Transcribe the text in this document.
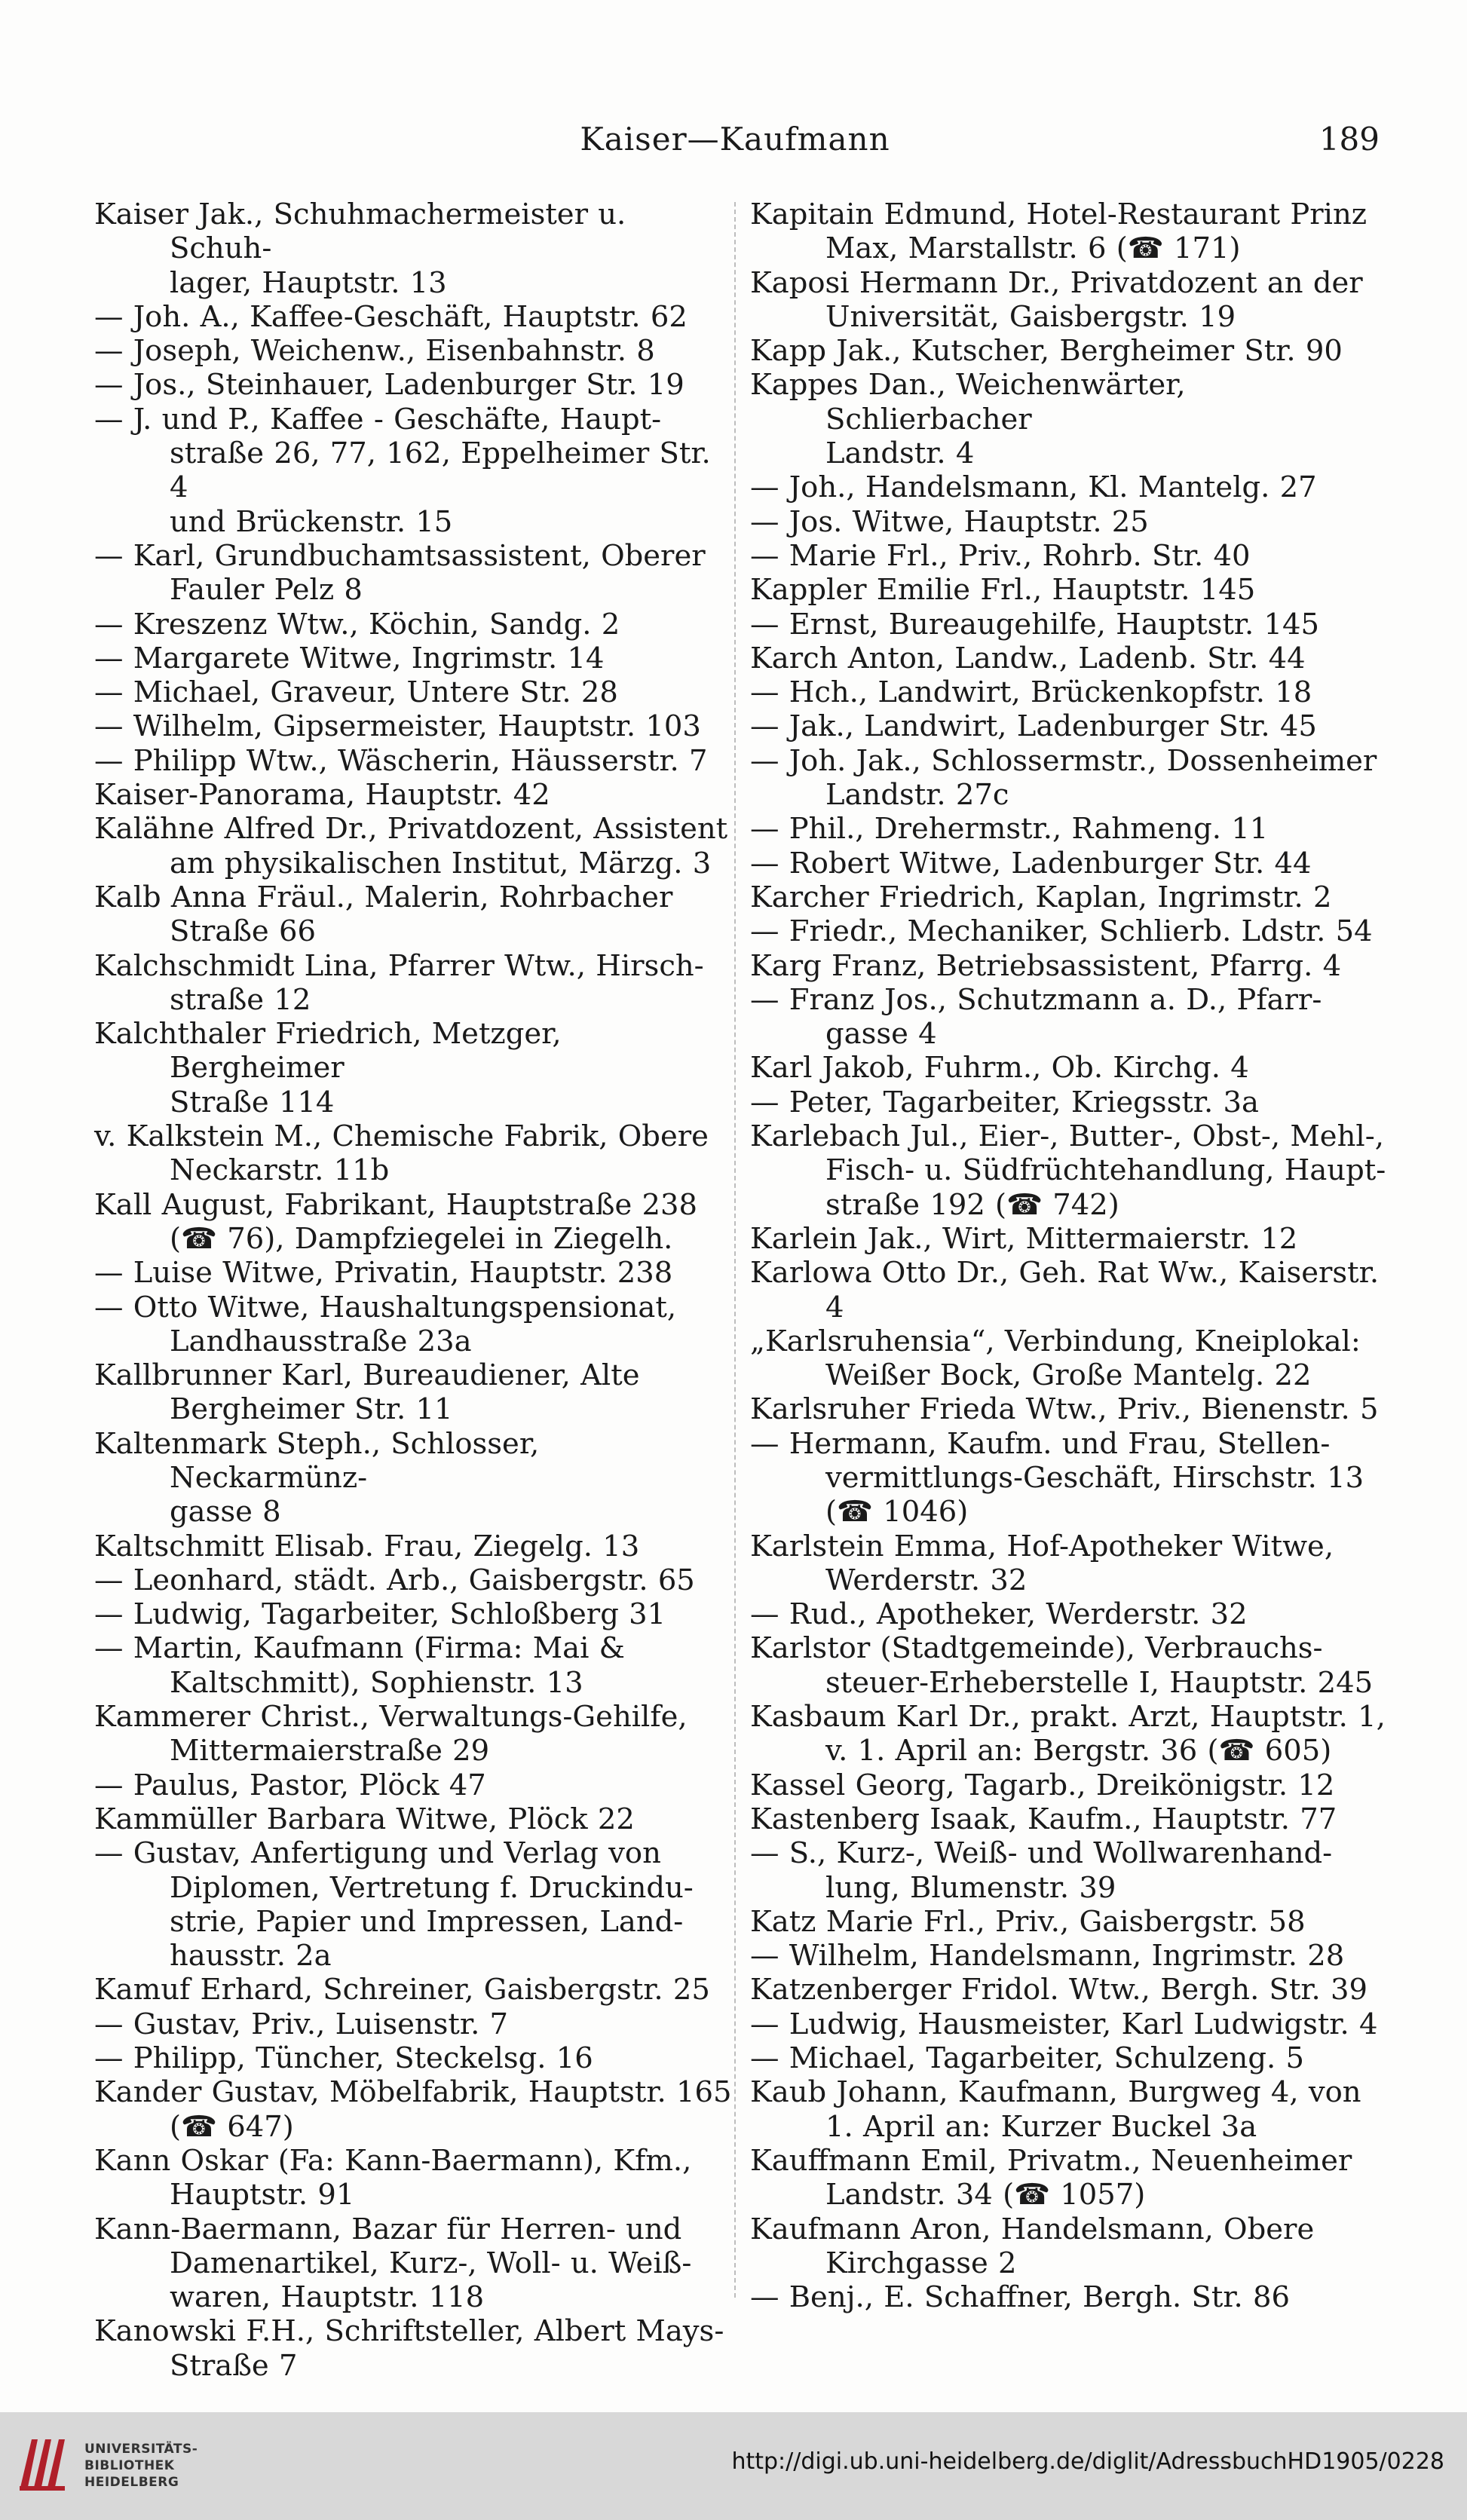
Kaiser—Kaufmann	189

Kaiser Jak., Schuhmachermeister u. Schuh-
lager, Hauptstr. 13

— Joh. A., Kaffee-Geschäft, Hauptstr. 62

— Joseph, Weichenw., Eisenbahnstr. 8

— Jos., Steinhauer, Ladenburger Str. 19

— J. und P., Kaffee - Geschäfte, Haupt-
straße 26, 77, 162, Eppelheimer Str. 4
und Brückenstr. 15

— Karl, Grundbuchamtsassistent, Oberer
Fauler Pelz 8

— Kreszenz Wtw., Köchin, Sandg. 2

— Margarete Witwe, Ingrimstr. 14

— Michael, Graveur, Untere Str. 28

— Wilhelm, Gipsermeister, Hauptstr. 103

— Philipp Wtw., Wäscherin, Häusserstr. 7

Kaiser-Panorama, Hauptstr. 42

Kalähne Alfred Dr., Privatdozent, Assistent
am physikalischen Institut, Märzg. 3

Kalb Anna Fräul., Malerin, Rohrbacher
Straße 66

Kalchschmidt Lina, Pfarrer Wtw., Hirsch-
straße 12

Kalchthaler Friedrich, Metzger, Bergheimer
Straße 114

v. Kalkstein M., Chemische Fabrik, Obere
Neckarstr. 11b

Kall August, Fabrikant, Hauptstraße 238
(☎ 76), Dampfziegelei in Ziegelh.

— Luise Witwe, Privatin, Hauptstr. 238

— Otto Witwe, Haushaltungspensionat,
Landhausstraße 23a

Kallbrunner Karl, Bureaudiener, Alte
Bergheimer Str. 11

Kaltenmark Steph., Schlosser, Neckarmünz-
gasse 8

Kaltschmitt Elisab. Frau, Ziegelg. 13

— Leonhard, städt. Arb., Gaisbergstr. 65

— Ludwig, Tagarbeiter, Schloßberg 31

— Martin, Kaufmann (Firma: Mai &
Kaltschmitt), Sophienstr. 13

Kammerer Christ., Verwaltungs-Gehilfe,
Mittermaierstraße 29

— Paulus, Pastor, Plöck 47

Kammüller Barbara Witwe, Plöck 22

— Gustav, Anfertigung und Verlag von
Diplomen, Vertretung f. Druckindu-
strie, Papier und Impressen, Land-
hausstr. 2a

Kamuf Erhard, Schreiner, Gaisbergstr. 25

— Gustav, Priv., Luisenstr. 7

— Philipp, Tüncher, Steckelsg. 16

Kander Gustav, Möbelfabrik, Hauptstr. 165
(☎ 647)

Kann Oskar (Fa: Kann-Baermann), Kfm.,
Hauptstr. 91

Kann-Baermann, Bazar für Herren- und
Damenartikel, Kurz-, Woll- u. Weiß-
waren, Hauptstr. 118

Kanowski F.H., Schriftsteller, Albert Mays-
Straße 7

Kapitain Edmund, Hotel-Restaurant Prinz
Max, Marstallstr. 6 (☎ 171)

Kaposi Hermann Dr., Privatdozent an der
Universität, Gaisbergstr. 19

Kapp Jak., Kutscher, Bergheimer Str. 90

Kappes Dan., Weichenwärter, Schlierbacher
Landstr. 4

— Joh., Handelsmann, Kl. Mantelg. 27

— Jos. Witwe, Hauptstr. 25

— Marie Frl., Priv., Rohrb. Str. 40

Kappler Emilie Frl., Hauptstr. 145

— Ernst, Bureaugehilfe, Hauptstr. 145

Karch Anton, Landw., Ladenb. Str. 44

— Hch., Landwirt, Brückenkopfstr. 18

— Jak., Landwirt, Ladenburger Str. 45

— Joh. Jak., Schlossermstr., Dossenheimer
Landstr. 27c

— Phil., Drehermstr., Rahmeng. 11

— Robert Witwe, Ladenburger Str. 44

Karcher Friedrich, Kaplan, Ingrimstr. 2

— Friedr., Mechaniker, Schlierb. Ldstr. 54

Karg Franz, Betriebsassistent, Pfarrg. 4

— Franz Jos., Schutzmann a. D., Pfarr-
gasse 4

Karl Jakob, Fuhrm., Ob. Kirchg. 4

— Peter, Tagarbeiter, Kriegsstr. 3a

Karlebach Jul., Eier-, Butter-, Obst-, Mehl-,
Fisch- u. Südfrüchtehandlung, Haupt-
straße 192 (☎ 742)

Karlein Jak., Wirt, Mittermaierstr. 12

Karlowa Otto Dr., Geh. Rat Ww., Kaiserstr. 4

„Karlsruhensia“, Verbindung, Kneiplokal:
Weißer Bock, Große Mantelg. 22

Karlsruher Frieda Wtw., Priv., Bienenstr. 5

— Hermann, Kaufm. und Frau, Stellen-
vermittlungs-Geschäft, Hirschstr. 13
(☎ 1046)

Karlstein Emma, Hof-Apotheker Witwe,
Werderstr. 32

— Rud., Apotheker, Werderstr. 32

Karlstor (Stadtgemeinde), Verbrauchs-
steuer-Erheberstelle I, Hauptstr. 245

Kasbaum Karl Dr., prakt. Arzt, Hauptstr. 1,
v. 1. April an: Bergstr. 36 (☎ 605)

Kassel Georg, Tagarb., Dreikönigstr. 12

Kastenberg Isaak, Kaufm., Hauptstr. 77

— S., Kurz-, Weiß- und Wollwarenhand-
lung, Blumenstr. 39

Katz Marie Frl., Priv., Gaisbergstr. 58

— Wilhelm, Handelsmann, Ingrimstr. 28

Katzenberger Fridol. Wtw., Bergh. Str. 39

— Ludwig, Hausmeister, Karl Ludwigstr. 4

— Michael, Tagarbeiter, Schulzeng. 5

Kaub Johann, Kaufmann, Burgweg 4, von
1. April an: Kurzer Buckel 3a

Kauffmann Emil, Privatm., Neuenheimer
Landstr. 34 (☎ 1057)

Kaufmann Aron, Handelsmann, Obere
Kirchgasse 2

— Benj., E. Schaffner, Bergh. Str. 86

UNIVERSITÄTS-
BIBLIOTHEK
HEIDELBERG
http://digi.ub.uni-heidelberg.de/diglit/AdressbuchHD1905/0228
